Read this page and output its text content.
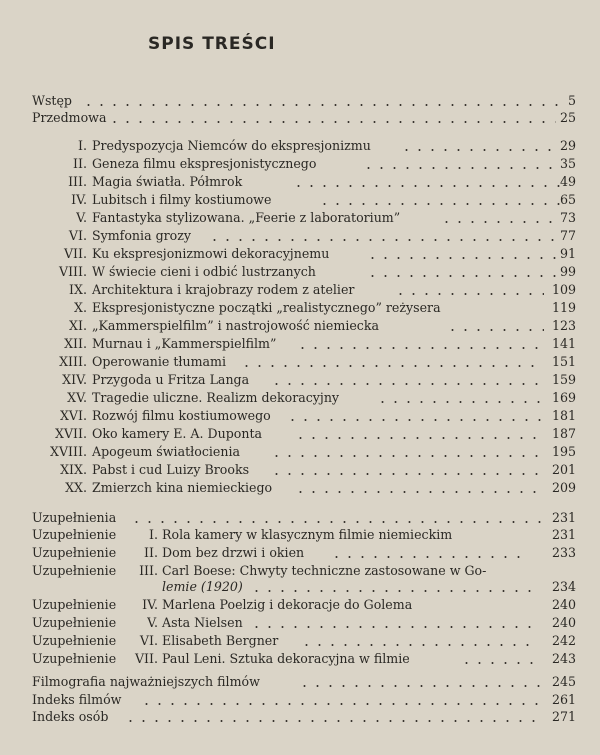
SPIS TREŚCI
Wstęp	5
Przedmowa	25
I. Predyspozycja Niemców do ekspresjonizmu	29
II. Geneza filmu ekspresjonistycznego	35
III. Magia światła. Półmrok	49
IV. Lubitsch i filmy kostiumowe	65
V. Fantastyka stylizowana. „Feerie z laboratorium”	73
VI. Symfonia grozy	77
VII. Ku ekspresjonizmowi dekoracyjnemu	91
VIII. W świecie cieni i odbić lustrzanych	99
IX. Architektura i krajobrazy rodem z atelier	109
X. Ekspresjonistyczne początki „realistycznego” reżysera	119
XI. „Kammerspielfilm” i nastrojowość niemiecka	123
XII. Murnau i „Kammerspielfilm”	141
XIII. Operowanie tłumami	151
XIV. Przygoda u Fritza Langa	159
XV. Tragedie uliczne. Realizm dekoracyjny	169
XVI. Rozwój filmu kostiumowego	181
XVII. Oko kamery E. A. Duponta	187
XVIII. Apogeum światłocienia	195
XIX. Pabst i cud Luizy Brooks	201
XX. Zmierzch kina niemieckiego	209
Uzupełnienia	231
Uzupełnienie	I. Rola kamery w klasycznym filmie niemieckim	231
Uzupełnienie II. Dom bez drzwi i okien	233
Uzupełnienie III. Carl Boese: Chwyty techniczne zastosowane w Go-
lemie (1920)	234
Uzupełnienie IV. Marlena Poelzig i dekoracje do Golema	240
Uzupełnienie V. Asta Nielsen	240
Uzupełnienie VI. Elisabeth Bergner	242
Uzupełnienie VII. Paul Leni. Sztuka dekoracyjna w filmie	243
Filmografia najważniejszych filmów	245
Indeks filmów	261
Indeks osób	271
